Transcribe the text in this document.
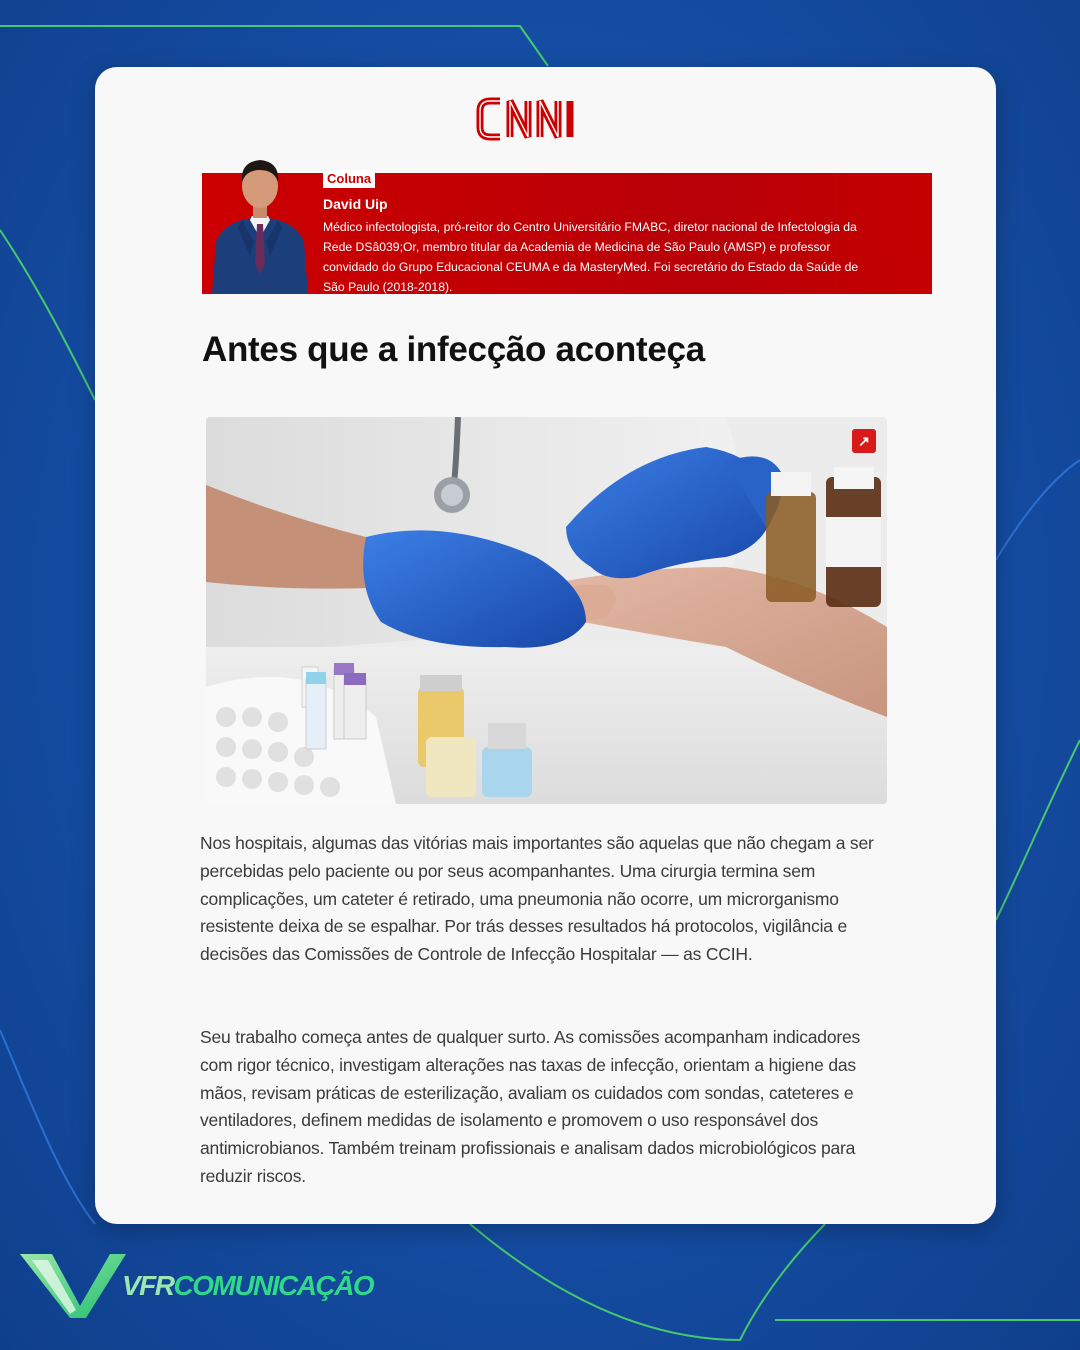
Coluna
David Uip
Médico infectologista, pró-reitor do Centro Universitário FMABC, diretor nacional de Infectologia da Rede DSâ039;Or, membro titular da Academia de Medicina de São Paulo (AMSP) e professor convidado do Grupo Educacional CEUMA e da MasteryMed. Foi secretário do Estado da Saúde de São Paulo (2018-2018).
Antes que a infecção aconteça
↗

Nos hospitais, algumas das vitórias mais importantes são aquelas que não chegam a ser percebidas pelo paciente ou por seus acompanhantes. Uma cirurgia termina sem complicações, um cateter é retirado, uma pneumonia não ocorre, um microrganismo resistente deixa de se espalhar. Por trás desses resultados há protocolos, vigilância e decisões das Comissões de Controle de Infecção Hospitalar — as CCIH.

Seu trabalho começa antes de qualquer surto. As comissões acompanham indicadores com rigor técnico, investigam alterações nas taxas de infecção, orientam a higiene das mãos, revisam práticas de esterilização, avaliam os cuidados com sondas, cateteres e ventiladores, definem medidas de isolamento e promovem o uso responsável dos antimicrobianos. Também treinam profissionais e analisam dados microbiológicos para reduzir riscos.

VFRCOMUNICAÇÃO
